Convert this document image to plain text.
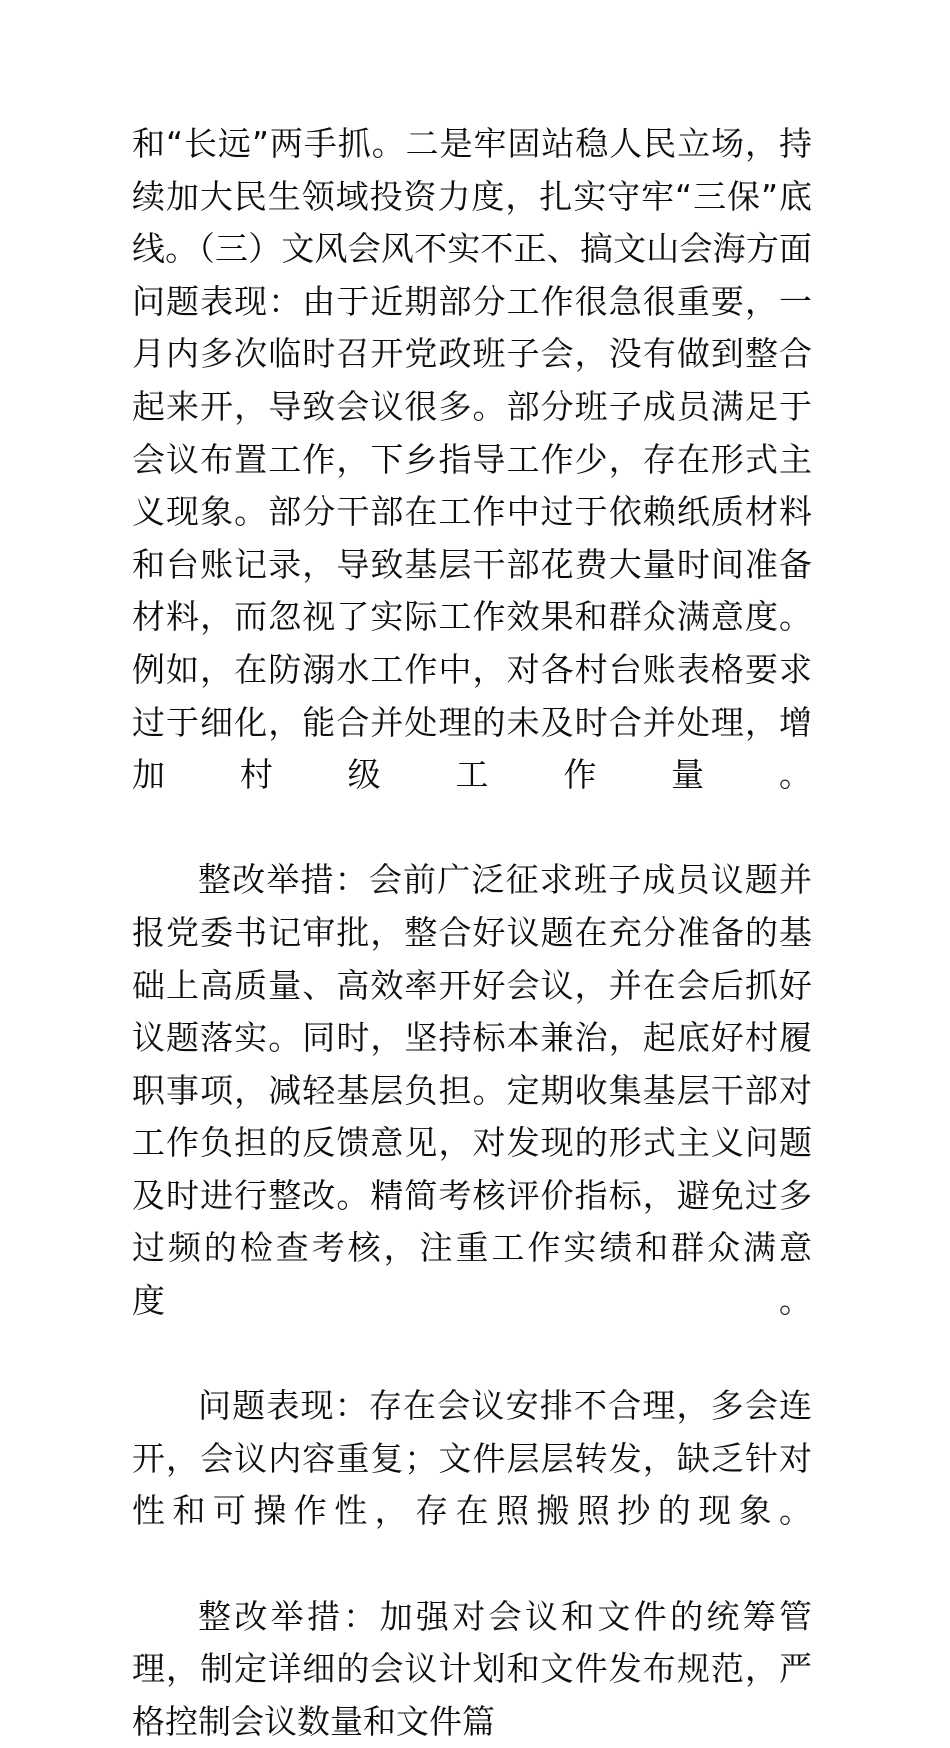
和“长远”两手抓。二是牢固站稳人民立场，持续加大民生领域投资力度，扎实守牢“三保”底线。（三）文风会风不实不正、搞文山会海方面问题表现：由于近期部分工作很急很重要，一月内多次临时召开党政班子会，没有做到整合起来开，导致会议很多。部分班子成员满足于会议布置工作，下乡指导工作少，存在形式主义现象。部分干部在工作中过于依赖纸质材料和台账记录，导致基层干部花费大量时间准备材料，而忽视了实际工作效果和群众满意度。例如，在防溺水工作中，对各村台账表格要求过于细化，能合并处理的未及时合并处理，增加村级工作量。

整改举措：会前广泛征求班子成员议题并报党委书记审批，整合好议题在充分准备的基础上高质量、高效率开好会议，并在会后抓好议题落实。同时，坚持标本兼治，起底好村履职事项，减轻基层负担。定期收集基层干部对工作负担的反馈意见，对发现的形式主义问题及时进行整改。精简考核评价指标，避免过多过频的检查考核，注重工作实绩和群众满意度。

问题表现：存在会议安排不合理，多会连开，会议内容重复；文件层层转发，缺乏针对性和可操作性，存在照搬照抄的现象。

整改举措：加强对会议和文件的统筹管理，制定详细的会议计划和文件发布规范，严格控制会议数量和文件篇
